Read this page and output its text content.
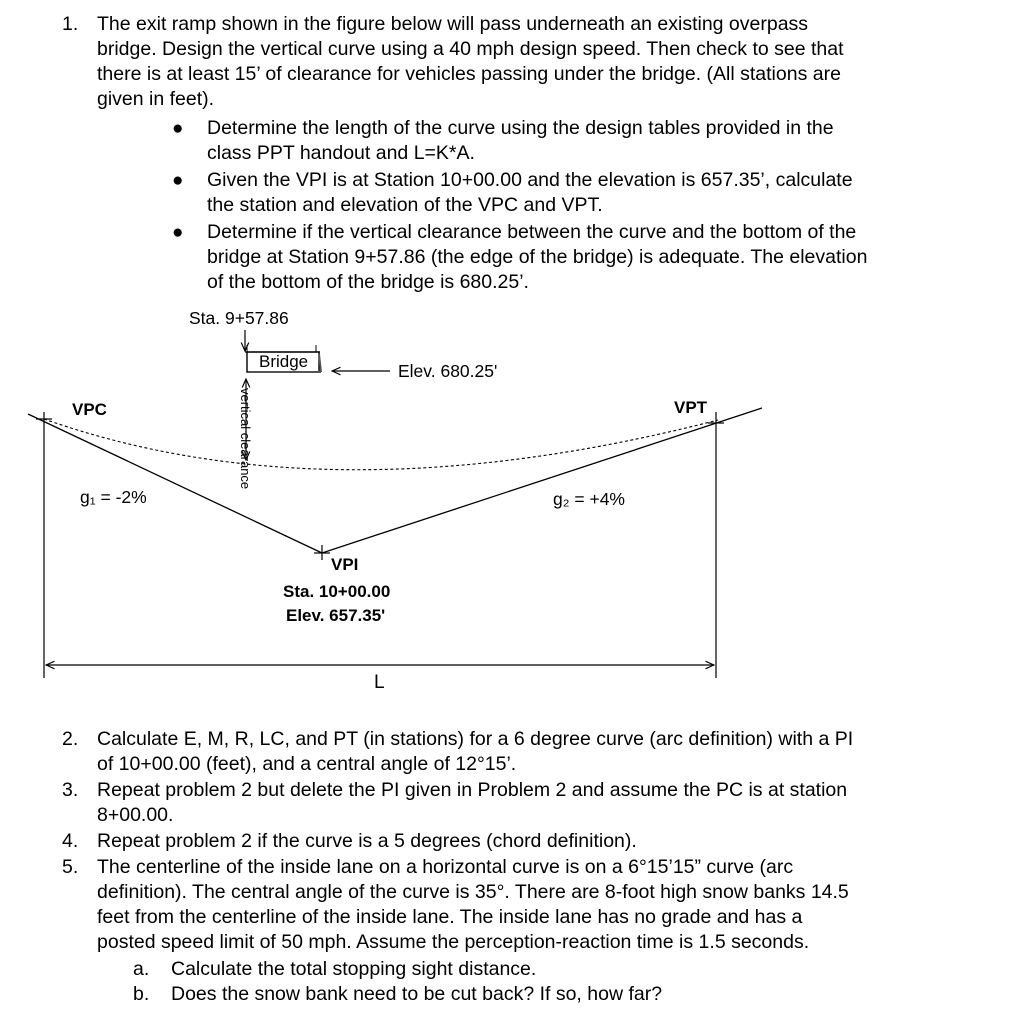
1. The exit ramp shown in the figure below will pass underneath an existing overpass
bridge. Design the vertical curve using a 40 mph design speed. Then check to see that
there is at least 15’ of clearance for vehicles passing under the bridge. (All stations are
given in feet).
● Determine the length of the curve using the design tables provided in the
class PPT handout and L=K*A.
● Given the VPI is at Station 10+00.00 and the elevation is 657.35’, calculate
the station and elevation of the VPC and VPT.
● Determine if the vertical clearance between the curve and the bottom of the
bridge at Station 9+57.86 (the edge of the bridge) is adequate. The elevation
of the bottom of the bridge is 680.25’.
Sta. 9+57.86
Bridge	Elev. 680.25'
vertical clearance
VPC	VPT
g₁ = -2%	g₂ = +4%
VPI
Sta. 10+00.00
Elev. 657.35'
L
2. Calculate E, M, R, LC, and PT (in stations) for a 6 degree curve (arc definition) with a PI
of 10+00.00 (feet), and a central angle of 12°15’.
3. Repeat problem 2 but delete the PI given in Problem 2 and assume the PC is at station
8+00.00.
4. Repeat problem 2 if the curve is a 5 degrees (chord definition).
5. The centerline of the inside lane on a horizontal curve is on a 6°15’15” curve (arc
definition). The central angle of the curve is 35°. There are 8-foot high snow banks 14.5
feet from the centerline of the inside lane. The inside lane has no grade and has a
posted speed limit of 50 mph. Assume the perception-reaction time is 1.5 seconds.
a. Calculate the total stopping sight distance.
b. Does the snow bank need to be cut back? If so, how far?
